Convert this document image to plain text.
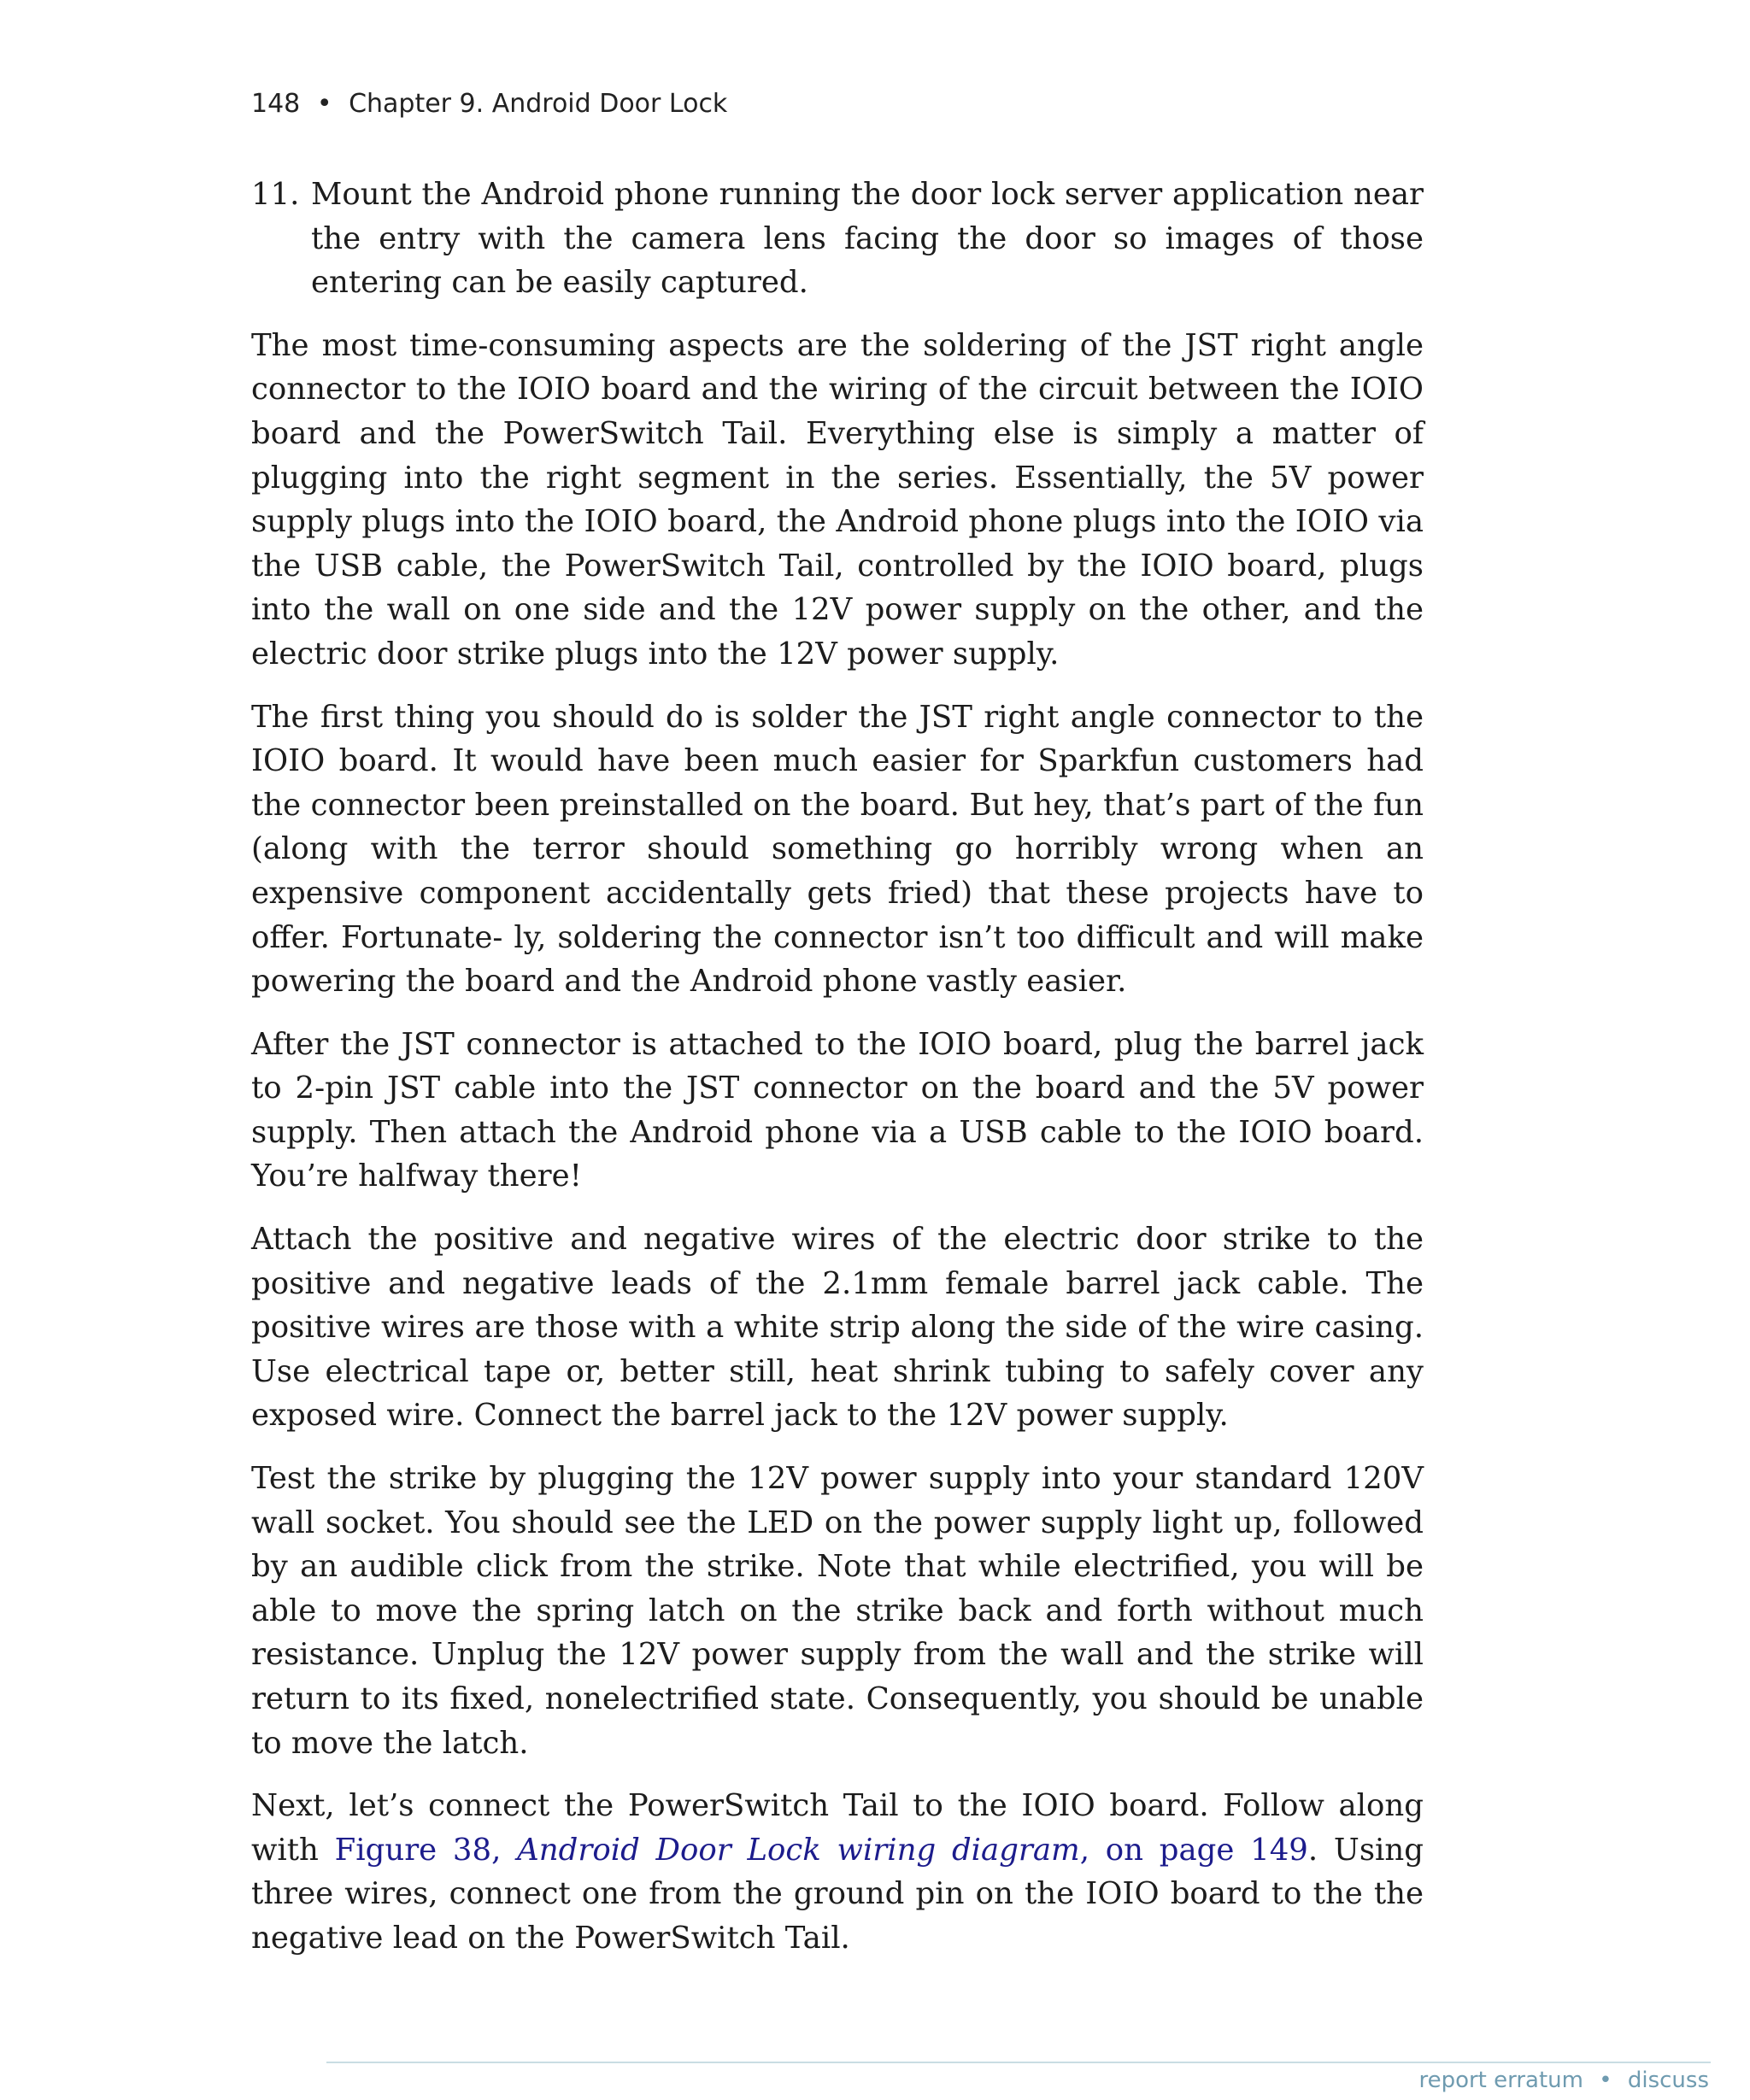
148 • Chapter 9. Android Door Lock
11. Mount the Android phone running the door lock server application near the entry with the camera lens facing the door so images of those entering can be easily captured.

The most time-consuming aspects are the soldering of the JST right angle connector to the IOIO board and the wiring of the circuit between the IOIO board and the PowerSwitch Tail. Everything else is simply a matter of plugging into the right segment in the series. Essentially, the 5V power supply plugs into the IOIO board, the Android phone plugs into the IOIO via the USB cable, the PowerSwitch Tail, controlled by the IOIO board, plugs into the wall on one side and the 12V power supply on the other, and the electric door strike plugs into the 12V power supply.

The first thing you should do is solder the JST right angle connector to the IOIO board. It would have been much easier for Sparkfun customers had the connector been preinstalled on the board. But hey, that’s part of the fun (along with the terror should something go horribly wrong when an expensive component accidentally gets fried) that these projects have to offer. Fortunate- ly, soldering the connector isn’t too difficult and will make powering the board and the Android phone vastly easier.

After the JST connector is attached to the IOIO board, plug the barrel jack to 2-pin JST cable into the JST connector on the board and the 5V power supply. Then attach the Android phone via a USB cable to the IOIO board. You’re halfway there!

Attach the positive and negative wires of the electric door strike to the positive and negative leads of the 2.1mm female barrel jack cable. The positive wires are those with a white strip along the side of the wire casing. Use electrical tape or, better still, heat shrink tubing to safely cover any exposed wire. Connect the barrel jack to the 12V power supply.

Test the strike by plugging the 12V power supply into your standard 120V wall socket. You should see the LED on the power supply light up, followed by an audible click from the strike. Note that while electrified, you will be able to move the spring latch on the strike back and forth without much resistance. Unplug the 12V power supply from the wall and the strike will return to its fixed, nonelectrified state. Consequently, you should be unable to move the latch.

Next, let’s connect the PowerSwitch Tail to the IOIO board. Follow along with Figure 38, Android Door Lock wiring diagram, on page 149. Using three wires, connect one from the ground pin on the IOIO board to the the negative lead on the PowerSwitch Tail.

report erratum • discuss
